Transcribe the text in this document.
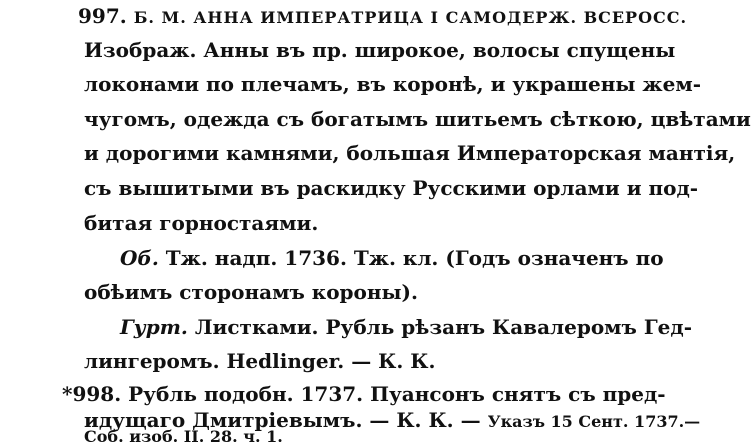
997. Б. М. АННА ИМПЕРАТРИЦА І САМОДЕРЖ. ВСЕРОСС.
Изображ. Анны въ пр. широкое, волосы спущены
локонами по плечамъ, въ коронѣ, и украшены жем-
чугомъ, одежда съ богатымъ шитьемъ сѣткою, цвѣтами
и дорогими камнями, большая Императорская мантія,
съ вышитыми въ раскидку Русскими орлами и под-
битая горностаями.
Об. Тж. надп. 1736. Тж. кл. (Годъ означенъ по
обѣимъ сторонамъ короны).
Гурт. Листками. Рубль рѣзанъ Кавалеромъ Гед-
лингеромъ. Hedlinger. — К. К.
*998. Рубль подобн. 1737. Пуансонъ снятъ съ пред-
идущаго Дмитріевымъ. — К. К. — Указъ 15 Сент. 1737.—
Соб. изоб. II. 28. ч. 1.
